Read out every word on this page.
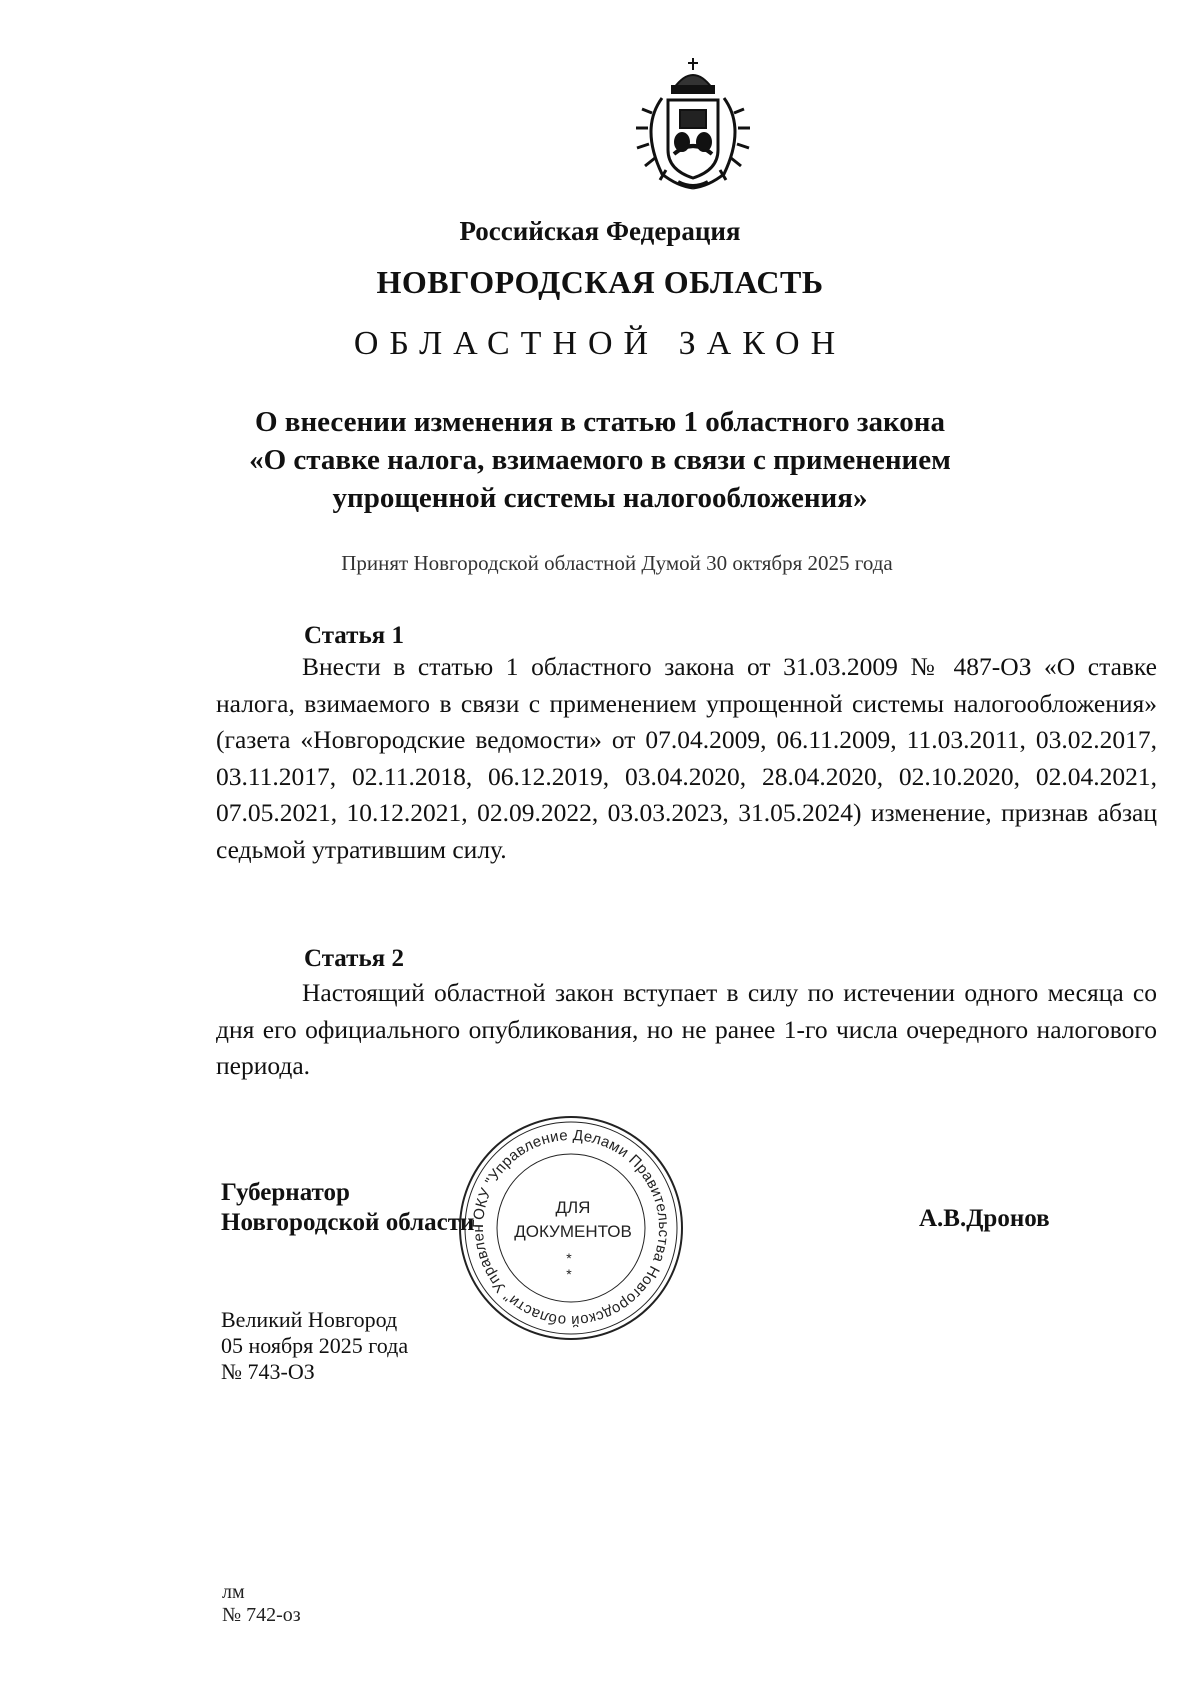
Российская Федерация
НОВГОРОДСКАЯ ОБЛАСТЬ
ОБЛАСТНОЙ ЗАКОН
О внесении изменения в статью 1 областного закона
«О ставке налога, взимаемого в связи с применением
упрощенной системы налогообложения»
Принят Новгородской областной Думой 30 октября 2025 года
Статья 1
Внести в статью 1 областного закона от 31.03.2009 № 487-ОЗ «О ставке налога, взимаемого в связи с применением упрощенной системы налогообложения» (газета «Новгородские ведомости» от 07.04.2009, 06.11.2009, 11.03.2011, 03.02.2017, 03.11.2017, 02.11.2018, 06.12.2019, 03.04.2020, 28.04.2020, 02.10.2020, 02.04.2021, 07.05.2021, 10.12.2021, 02.09.2022, 03.03.2023, 31.05.2024) изменение, признав абзац седьмой утратившим силу.
Статья 2
Настоящий областной закон вступает в силу по истечении одного месяца со дня его официального опубликования, но не ранее 1-го числа очередного налогового периода.
Губернатор
Новгородской области	А.В.Дронов
ГОКУ "Управление Делами Правительства Новгородской области" Управлен
ДЛЯ
ДОКУМЕНТОВ
*
*
Великий Новгород
05 ноября 2025 года
№ 743-ОЗ
лм
№ 742-оз
